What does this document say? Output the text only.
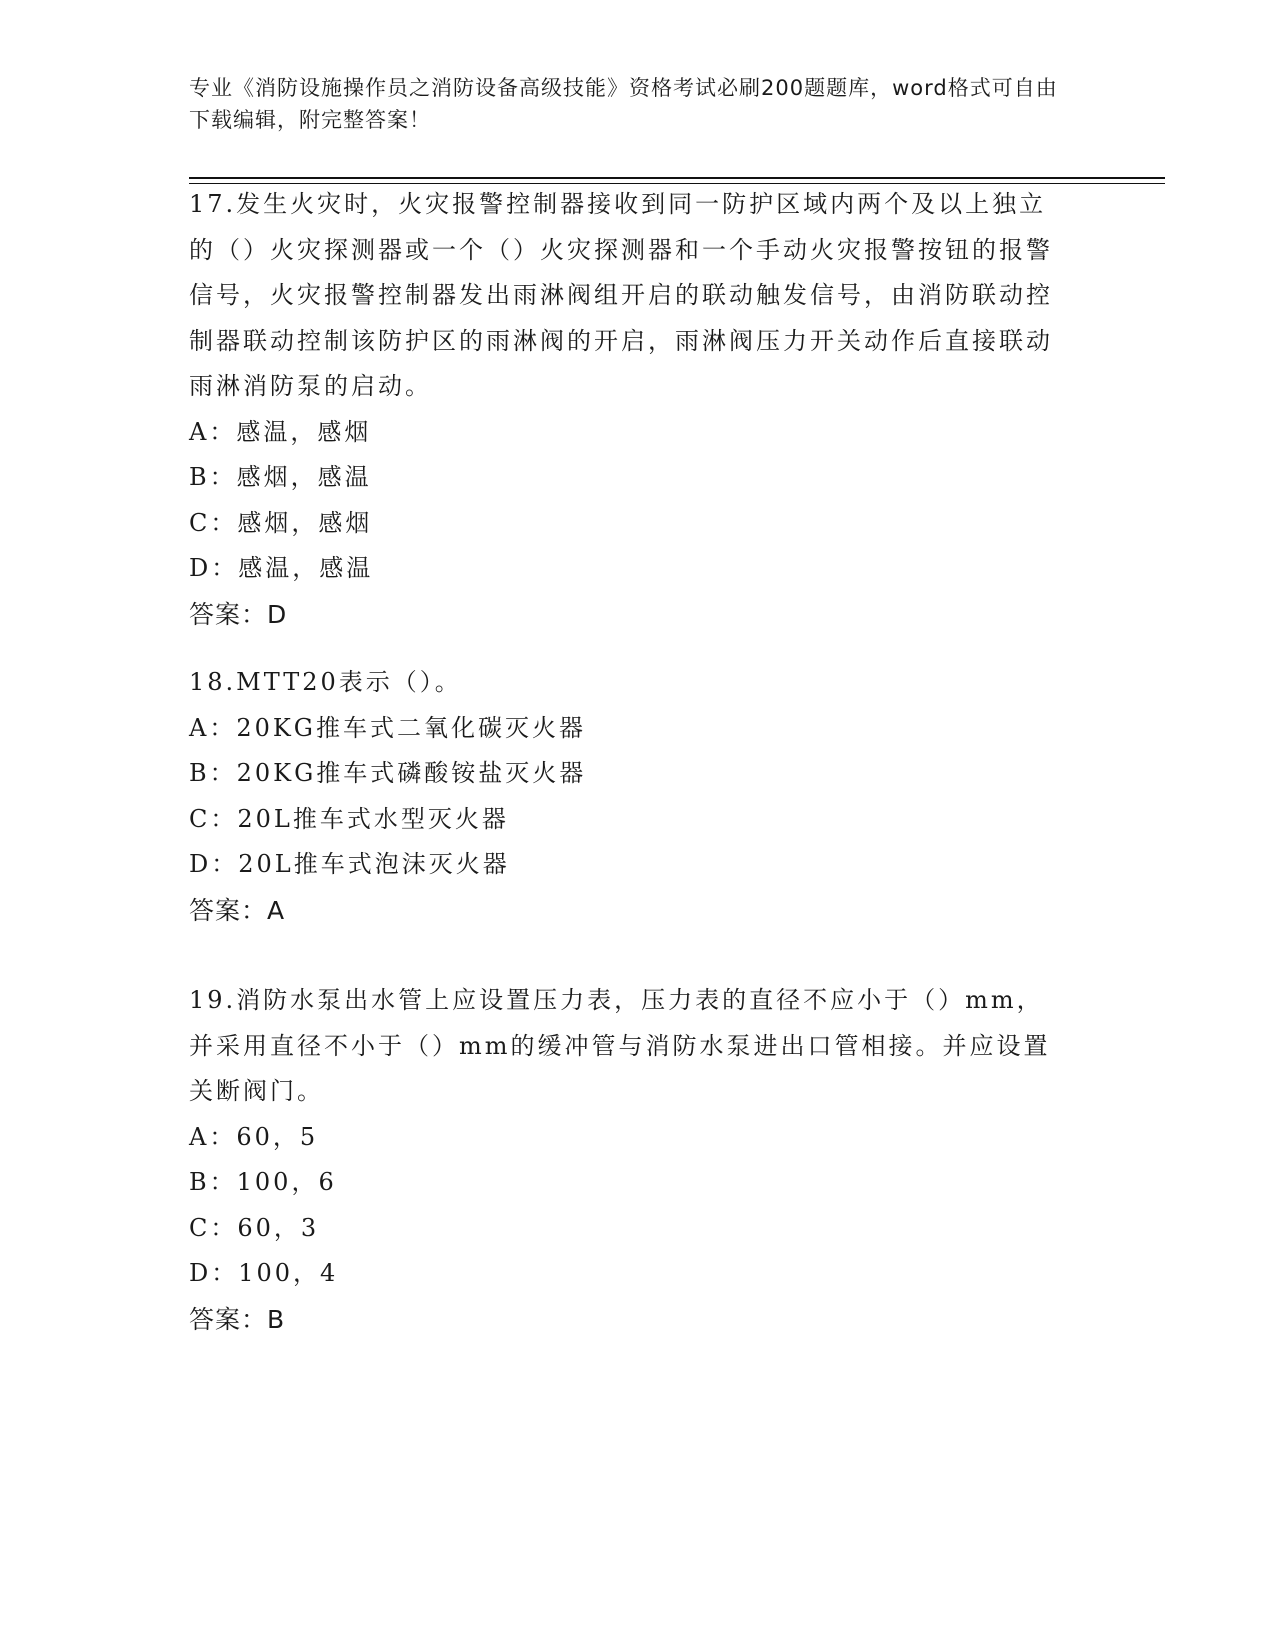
专业《消防设施操作员之消防设备高级技能》资格考试必刷200题题库，word格式可自由下载编辑，附完整答案！
17.发生火灾时，火灾报警控制器接收到同一防护区域内两个及以上独立的（）火灾探测器或一个（）火灾探测器和一个手动火灾报警按钮的报警信号，火灾报警控制器发出雨淋阀组开启的联动触发信号，由消防联动控制器联动控制该防护区的雨淋阀的开启，雨淋阀压力开关动作后直接联动雨淋消防泵的启动。
A：感温，感烟
B：感烟，感温
C：感烟，感烟
D：感温，感温
答案：D
18.MTT20表示（）。
A：20KG推车式二氧化碳灭火器
B：20KG推车式磷酸铵盐灭火器
C：20L推车式水型灭火器
D：20L推车式泡沫灭火器
答案：A
19.消防水泵出水管上应设置压力表，压力表的直径不应小于（）mm，并采用直径不小于（）mm的缓冲管与消防水泵进出口管相接。并应设置关断阀门。
A：60，5
B：100，6
C：60，3
D：100，4
答案：B
